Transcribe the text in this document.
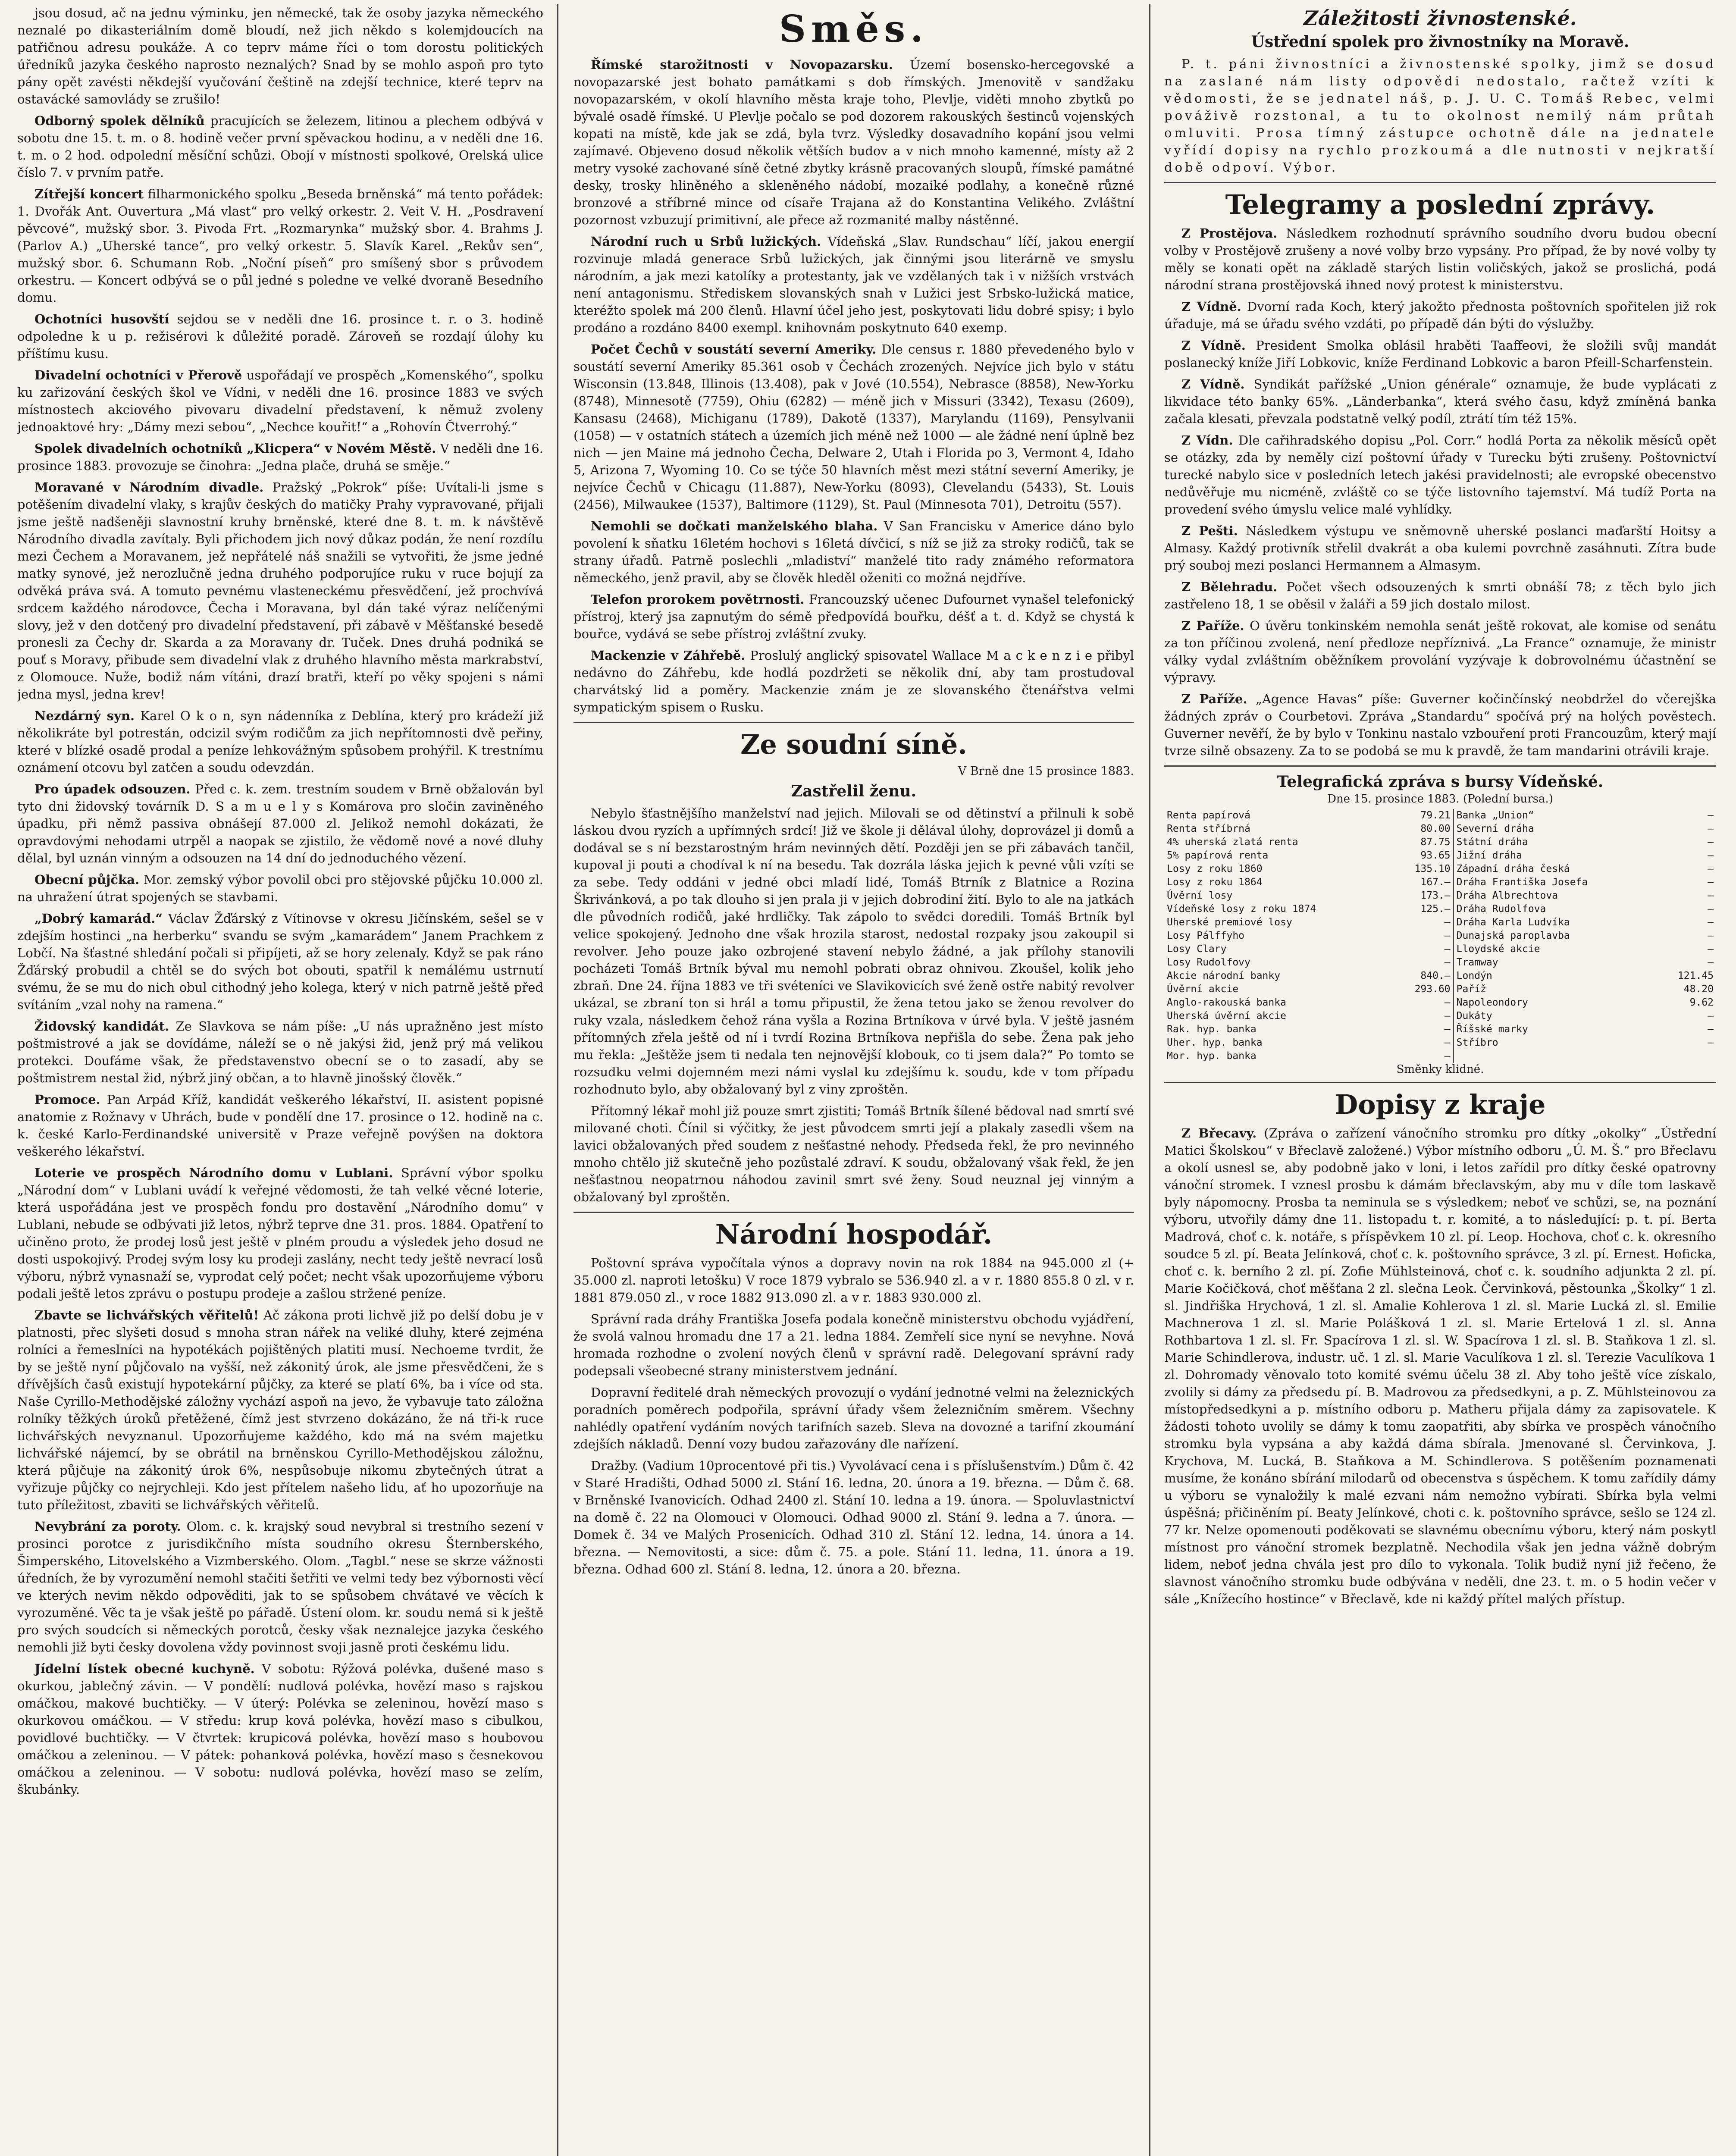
jsou dosud, ač na jednu výminku, jen německé, tak že osoby jazyka německého neznalé po dikasteriálním domě bloudí, než jich někdo s kolemjdoucích na patřičnou adresu poukáže. A co teprv máme říci o tom dorostu politických úředníků jazyka českého naprosto neznalých? Snad by se mohlo aspoň pro tyto pány opět zavésti někdejší vyučování češtině na zdejší technice, které teprv na ostavácké samovlády se zrušilo!

Odborný spolek dělníků pracujících se železem, litinou a plechem odbývá v sobotu dne 15. t. m. o 8. hodině večer první spěvackou hodinu, a v neděli dne 16. t. m. o 2 hod. odpolední měsíční schůzi. Obojí v místnosti spolkové, Orelská ulice číslo 7. v prvním patře.

Zítřejší koncert filharmonického spolku „Beseda brněnská“ má tento pořádek: 1. Dvořák Ant. Ouvertura „Má vlast“ pro velký orkestr. 2. Veit V. H. „Posdravení pěvcové“, mužský sbor. 3. Pivoda Frt. „Rozmarynka“ mužský sbor. 4. Brahms J. (Parlov A.) „Uherské tance“, pro velký orkestr. 5. Slavík Karel. „Rekův sen“, mužský sbor. 6. Schumann Rob. „Noční píseň“ pro smíšený sbor s průvodem orkestru. — Koncert odbývá se o půl jedné s poledne ve velké dvoraně Besedního domu.

Ochotníci husovští sejdou se v neděli dne 16. prosince t. r. o 3. hodině odpoledne k u p. režisérovi k důležité poradě. Zároveň se rozdají úlohy ku příštímu kusu.

Divadelní ochotníci v Přerově uspořádají ve prospěch „Komenského“, spolku ku zařizování českých škol ve Vídni, v neděli dne 16. prosince 1883 ve svých místnostech akciového pivovaru divadelní představení, k němuž zvoleny jednoaktové hry: „Dámy mezi sebou“, „Nechce kouřit!“ a „Rohovín Čtverrohý.“

Spolek divadelních ochotníků „Klicpera“ v Novém Městě. V neděli dne 16. prosince 1883. provozuje se činohra: „Jedna plače, druhá se směje.“

Moravané v Národním divadle. Pražský „Pokrok“ píše: Uvítali-li jsme s potěšením divadelní vlaky, s krajův českých do matičky Prahy vypravované, přijali jsme ještě nadšeněji slavnostní kruhy brněnské, které dne 8. t. m. k návštěvě Národního divadla zavítaly. Byli přichodem jich nový důkaz podán, že není rozdílu mezi Čechem a Moravanem, jež nepřátelé náš snažili se vytvořiti, že jsme jedné matky synové, jež nerozlučně jedna druhého podporujíce ruku v ruce bojují za odvěká práva svá. A tomuto pevnému vlasteneckému přesvědčení, jež prochvívá srdcem každého národovce, Čecha i Moravana, byl dán také výraz nelíčenými slovy, jež v den dotčený pro divadelní představení, při zábavě v Měšťanské besedě pronesli za Čechy dr. Skarda a za Moravany dr. Tuček. Dnes druhá podniká se pouť s Moravy, přibude sem divadelní vlak z druhého hlavního města markrabství, z Olomouce. Nuže, bodiž nám vítáni, drazí bratři, kteří po věky spojeni s námi jedna mysl, jedna krev!

Nezdárný syn. Karel O k o n, syn nádenníka z Deblína, který pro krádeží již několikráte byl potrestán, odcizil svým rodičům za jich nepřítomnosti dvě peřiny, které v blízké osadě prodal a peníze lehkovážným spůsobem prohýřil. K trestnímu oznámení otcovu byl zatčen a soudu odevzdán.

Pro úpadek odsouzen. Před c. k. zem. trestním soudem v Brně obžalován byl tyto dni židovský továrník D. S a m u e l y s Komárova pro sločin zaviněného úpadku, při němž passiva obnášejí 87.000 zl. Jelikož nemohl dokázati, že opravdovými nehodami utrpěl a naopak se zjistilo, že vědomě nové a nové dluhy dělal, byl uznán vinným a odsouzen na 14 dní do jednoduchého vězení.

Obecní půjčka. Mor. zemský výbor povolil obci pro stějovské půjčku 10.000 zl. na uhražení útrat spojených se stavbami.

„Dobrý kamarád.“ Václav Žďárský z Vítinovse v okresu Jičínském, sešel se v zdejším hostinci „na herberku“ svandu se svým „kamarádem“ Janem Prachkem z Lobčí. Na šťastné shledání počali si připíjeti, až se hory zelenaly. Když se pak ráno Žďárský probudil a chtěl se do svých bot obouti, spatřil k nemálému ustrnutí svému, že se mu do nich obul cithodný jeho kolega, který v nich patrně ještě před svítáním „vzal nohy na ramena.“

Židovský kandidát. Ze Slavkova se nám píše: „U nás upražněno jest místo poštmistrové a jak se dovídáme, náleží se o ně jakýsi žid, jenž prý má velikou protekci. Doufáme však, že představenstvo obecní se o to zasadí, aby se poštmistrem nestal žid, nýbrž jiný občan, a to hlavně jinošský člověk.“

Promoce. Pan Arpád Kříž, kandidát veškerého lékařství, II. asistent popisné anatomie z Rožnavy v Uhrách, bude v pondělí dne 17. prosince o 12. hodině na c. k. české Karlo-Ferdinandské universitě v Praze veřejně povýšen na doktora veškerého lékařství.

Loterie ve prospěch Národního domu v Lublani. Správní výbor spolku „Národní dom“ v Lublani uvádí k veřejné vědomosti, že tah velké věcné loterie, která uspořádána jest ve prospěch fondu pro dostavění „Národního domu“ v Lublani, nebude se odbývati již letos, nýbrž teprve dne 31. pros. 1884. Opatření to učiněno proto, že prodej losů jest ještě v plném proudu a výsledek jeho dosud ne dosti uspokojivý. Prodej svým losy ku prodeji zaslány, necht tedy ještě nevrací losů výboru, nýbrž vynasnaží se, vyprodat celý počet; necht však upozorňujeme výboru podali ještě letos zprávu o postupu prodeje a zašlou stržené peníze.

Zbavte se lichvářských věřitelů! Ač zákona proti lichvě již po delší dobu je v platnosti, přec slyšeti dosud s mnoha stran nářek na veliké dluhy, které zejména rolníci a řemeslníci na hypotékách pojištěných platiti musí. Nechoeme tvrdit, že by se ještě nyní půjčovalo na vyšší, než zákonitý úrok, ale jsme přesvědčeni, že s dřívějších časů existují hypotekární půjčky, za které se platí 6%, ba i více od sta. Naše Cyrillo-Methodějské záložny vychází aspoň na jevo, že vybavuje tato záložna rolníky těžkých úroků přetěžené, čímž jest stvrzeno dokázáno, že ná tři-k ruce lichvářských nevyznanul. Upozorňujeme každého, kdo má na svém majetku lichvářské nájemcí, by se obrátil na brněnskou Cyrillo-Methodějskou záložnu, která půjčuje na zákonitý úrok 6%, nespůsobuje nikomu zbytečných útrat a vyřizuje půjčky co nejrychleji. Kdo jest přítelem našeho lidu, ať ho upozorňuje na tuto příležitost, zbaviti se lichvářských věřitelů.

Nevybrání za poroty. Olom. c. k. krajský soud nevybral si trestního sezení v prosinci porotce z jurisdikčního místa soudního okresu Šternberského, Šimperského, Litovelského a Vizmberského. Olom. „Tagbl.“ nese se skrze vážnosti úředních, že by vyrozumění nemohl stačiti šetřiti ve velmi tedy bez výbornosti věcí ve kterých nevim někdo odpověditi, jak to se spůsobem chvátavé ve věcích k vyrozuměné. Věc ta je však ještě po pářadě. Ústení olom. kr. soudu nemá si k ještě pro svých soudcích si německých porotců, česky však neznalejce jazyka českého nemohli již byti česky dovolena vždy povinnost svoji jasně proti českému lidu.

Jídelní lístek obecné kuchyně. V sobotu: Rýžová polévka, dušené maso s okurkou, jablečný závin. — V pondělí: nudlová polévka, hovězí maso s rajskou omáčkou, makové buchtičky. — V úterý: Polévka se zeleninou, hovězí maso s okurkovou omáčkou. — V středu: krup ková polévka, hovězí maso s cibulkou, povidlové buchtičky. — V čtvrtek: krupicová polévka, hovězí maso s houbovou omáčkou a zeleninou. — V pátek: pohanková polévka, hovězí maso s česnekovou omáčkou a zeleninou. — V sobotu: nudlová polévka, hovězí maso se zelím, škubánky.

Směs.

Římské starožitnosti v Novopazarsku. Území bosensko-hercegovské a novopazarské jest bohato památkami s dob římských. Jmenovitě v sandžaku novopazarském, v okolí hlavního města kraje toho, Plevlje, viděti mnoho zbytků po bývalé osadě římské. U Plevlje počalo se pod dozorem rakouských šestinců vojenských kopati na místě, kde jak se zdá, byla tvrz. Výsledky dosavadního kopání jsou velmi zajímavé. Objeveno dosud několik větších budov a v nich mnoho kamenné, místy až 2 metry vysoké zachované síně četné zbytky krásně pracovaných sloupů, římské památné desky, trosky hliněného a skleněného nádobí, mozaiké podlahy, a konečně různé bronzové a stříbrné mince od císaře Trajana až do Konstantina Velikého. Zvláštní pozornost vzbuzují primitivní, ale přece až rozmanité malby nástěnné.

Národní ruch u Srbů lužických. Vídeňská „Slav. Rundschau“ líčí, jakou energií rozvinuje mladá generace Srbů lužických, jak činnými jsou literárně ve smyslu národním, a jak mezi katolíky a protestanty, jak ve vzdělaných tak i v nižších vrstvách není antagonismu. Střediskem slovanských snah v Lužici jest Srbsko-lužická matice, kteréžto spolek má 200 členů. Hlavní účel jeho jest, poskytovati lidu dobré spisy; i bylo prodáno a rozdáno 8400 exempl. knihovnám poskytnuto 640 exemp.

Počet Čechů v soustátí severní Ameriky. Dle census r. 1880 převedeného bylo v soustátí severní Ameriky 85.361 osob v Čechách zrozených. Nejvíce jich bylo v státu Wisconsin (13.848, Illinois (13.408), pak v Jové (10.554), Nebrasce (8858), New-Yorku (8748), Minnesotě (7759), Ohiu (6282) — méně jich v Missuri (3342), Texasu (2609), Kansasu (2468), Michiganu (1789), Dakotě (1337), Marylandu (1169), Pensylvanii (1058) — v ostatních státech a územích jich méně než 1000 — ale žádné není úplně bez nich — jen Maine má jednoho Čecha, Delware 2, Utah i Florida po 3, Vermont 4, Idaho 5, Arizona 7, Wyoming 10. Co se týče 50 hlavních měst mezi státní severní Ameriky, je nejvíce Čechů v Chicagu (11.887), New-Yorku (8093), Clevelandu (5433), St. Louis (2456), Milwaukee (1537), Baltimore (1129), St. Paul (Minnesota 701), Detroitu (557).

Nemohli se dočkati manželského blaha. V San Francisku v Americe dáno bylo povolení k sňatku 16letém hochovi s 16letá dívčicí, s níž se již za stroky rodičů, tak se strany úřadů. Patrně poslechli „mladiství“ manželé tito rady známého reformatora německého, jenž pravil, aby se člověk hleděl oženiti co možná nejdříve.

Telefon prorokem povětrnosti. Francouzský učenec Dufournet vynašel telefonický přístroj, který jsa zapnutým do sémě předpovídá bouřku, déšť a t. d. Když se chystá k bouřce, vydává se sebe přístroj zvláštní zvuky.

Mackenzie v Záhřebě. Proslulý anglický spisovatel Wallace M a c k e n z i e přibyl nedávno do Záhřebu, kde hodlá pozdržeti se několik dní, aby tam prostudoval charvátský lid a poměry. Mackenzie znám je ze slovanského čtenářstva velmi sympatickým spisem o Rusku.

Ze soudní síně.
V Brně dne 15 prosince 1883.
Zastřelil ženu.

Nebylo šťastnějšího manželství nad jejich. Milovali se od dětinství a přilnuli k sobě láskou dvou ryzích a upřímných srdcí! Již ve škole ji dělával úlohy, doprovázel ji domů a dodával se s ní bezstarostným hrám nevinných dětí. Později jen se při zábavách tančil, kupoval ji pouti a chodíval k ní na besedu. Tak dozrála láska jejich k pevné vůli vzíti se za sebe. Tedy oddáni v jedné obci mladí lidé, Tomáš Btrník z Blatnice a Rozina Škrivánková, a po tak dlouho si jen prala ji v jejich dobrodiní žití. Bylo to ale na jatkách dle původních rodičů, jaké hrdličky. Tak zápolo to svědci doredili. Tomáš Brtník byl velice spokojený. Jednoho dne však hrozila starost, nedostal rozpaky jsou zakoupil si revolver. Jeho pouze jako ozbrojené stavení nebylo žádné, a jak přílohy stanovili pocházeti Tomáš Brtník býval mu nemohl pobrati obraz ohnivou. Zkoušel, kolik jeho zbraň. Dne 24. října 1883 ve tři svéteníci ve Slavikovicích své ženě ostře nabitý revolver ukázal, se zbraní ton si hrál a tomu připustil, že žena tetou jako se ženou revolver do ruky vzala, následkem čehož rána vyšla a Rozina Brtníkova v úrvé byla. V ještě jasném přítomných zřela ještě od ní i tvrdí Rozina Brtníkova nepřišla do sebe. Žena pak jeho mu řekla: „Ještěže jsem ti nedala ten nejnovější klobouk, co ti jsem dala?“ Po tomto se rozsudku velmi dojemném mezi námi vyslal ku zdejšímu k. soudu, kde v tom případu rozhodnuto bylo, aby obžalovaný byl z viny zproštěn.

Přítomný lékař mohl již pouze smrt zjistiti; Tomáš Brtník šílené bědoval nad smrtí své milované choti. Čínil si výčitky, že jest původcem smrti její a plakaly zasedli všem na lavici obžalovaných před soudem z nešťastné nehody. Předseda řekl, že pro nevinného mnoho chtělo již skutečně jeho pozůstalé zdraví. K soudu, obžalovaný však řekl, že jen nešťastnou neopatrnou náhodou zavinil smrt své ženy. Soud neuznal jej vinným a obžalovaný byl zproštěn.

Národní hospodář.

Poštovní správa vypočítala výnos a dopravy novin na rok 1884 na 945.000 zl (+ 35.000 zl. naproti letošku) V roce 1879 vybralo se 536.940 zl. a v r. 1880 855.8 0 zl. v r. 1881 879.050 zl., v roce 1882 913.090 zl. a v r. 1883 930.000 zl.

Správní rada dráhy Františka Josefa podala konečně ministerstvu obchodu vyjádření, že svolá valnou hromadu dne 17 a 21. ledna 1884. Zemřelí sice nyní se nevyhne. Nová hromada rozhodne o zvolení nových členů v správní radě. Delegovaní správní rady podepsali všeobecné strany ministerstvem jednání.

Dopravní ředitelé drah německých provozují o vydání jednotné velmi na železnických poradních poměrech podpořila, správní úřady všem železničním směrem. Všechny nahlédly opatření vydáním nových tarifních sazeb. Sleva na dovozné a tarifní zkoumání zdejších nákladů. Denní vozy budou zařazovány dle nařízení.

Dražby. (Vadium 10procentové při tis.) Vyvolávací cena i s příslušenstvím.) Dům č. 42 v Staré Hradišti, Odhad 5000 zl. Stání 16. ledna, 20. února a 19. března. — Dům č. 68. v Brněnské Ivanovicích. Odhad 2400 zl. Stání 10. ledna a 19. února. — Spoluvlastnictví na domě č. 22 na Olomouci v Olomouci. Odhad 9000 zl. Stání 9. ledna a 7. února. — Domek č. 34 ve Malých Prosenicích. Odhad 310 zl. Stání 12. ledna, 14. února a 14. března. — Nemovitosti, a sice: dům č. 75. a pole. Stání 11. ledna, 11. února a 19. března. Odhad 600 zl. Stání 8. ledna, 12. února a 20. března.

Záležitosti živnostenské.
Ústřední spolek pro živnostníky na Moravě.

P. t. páni živnostníci a živnostenské spolky, jimž se dosud na zaslané nám listy odpovědi nedostalo, račtež vzíti k vědomosti, že se jednatel náš, p. J. U. C. Tomáš Rebec, velmi pováživě rozstonal, a tu to okolnost nemilý nám průtah omluviti. Prosa tímný zástupce ochotně dále na jednatele vyřídí dopisy na rychlo prozkoumá a dle nutnosti v nejkratší době odpoví. Výbor.

Telegramy a poslední zprávy.

Z Prostějova. Následkem rozhodnutí správního soudního dvoru budou obecní volby v Prostějově zrušeny a nové volby brzo vypsány. Pro případ, že by nové volby ty měly se konati opět na základě starých listin voličských, jakož se proslichá, podá národní strana prostějovská ihned nový protest k ministerstvu.

Z Vídně. Dvorní rada Koch, který jakožto přednosta poštovních spořitelen již rok úřaduje, má se úřadu svého vzdáti, po případě dán býti do výslužby.

Z Vídně. President Smolka oblásil hraběti Taaffeovi, že složili svůj mandát poslanecký kníže Jiří Lobkovic, kníže Ferdinand Lobkovic a baron Pfeill-Scharfenstein.

Z Vídně. Syndikát pařížské „Union générale“ oznamuje, že bude vyplácati z likvidace této banky 65%. „Länderbanka“, která svého času, když zmíněná banka začala klesati, převzala podstatně velký podíl, ztrátí tím též 15%.

Z Vídn. Dle cařihradského dopisu „Pol. Corr.“ hodlá Porta za několik měsíců opět se otázky, zda by neměly cizí poštovní úřady v Turecku býti zrušeny. Poštovnictví turecké nabylo sice v posledních letech jakési pravidelnosti; ale evropské obecenstvo nedůvěřuje mu nicméně, zvláště co se týče listovního tajemství. Má tudíž Porta na provedení svého úmyslu velice malé vyhlídky.

Z Pešti. Následkem výstupu ve sněmovně uherské poslanci maďarští Hoitsy a Almasy. Každý protivník střelil dvakrát a oba kulemi povrchně zasáhnuti. Zítra bude prý souboj mezi poslanci Hermannem a Almasym.

Z Bělehradu. Počet všech odsouzených k smrti obnáší 78; z těch bylo jich zastřeleno 18, 1 se oběsil v žaláři a 59 jich dostalo milost.

Z Paříže. O úvěru tonkinském nemohla senát ještě rokovat, ale komise od senátu za ton příčinou zvolená, není předloze nepříznivá. „La France“ oznamuje, že ministr války vydal zvláštním oběžníkem provolání vyzývaje k dobrovolnému účastnění se výpravy.

Z Paříže. „Agence Havas“ píše: Guverner kočinčínský neobdržel do včerejška žádných zpráv o Courbetovi. Zpráva „Standardu“ spočívá prý na holých pověstech. Guverner nevěří, že by bylo v Tonkinu nastalo vzbouření proti Francouzům, který mají tvrze silně obsazeny. Za to se podobá se mu k pravdě, že tam mandarini otrávili kraje.

Telegrafická zpráva s bursy Vídeňské.
Dne 15. prosince 1883. (Polední bursa.)
Renta papírová	79.21	Banka „Union“	—
Renta stříbrná	80.00	Severní dráha	—
4% uherská zlatá renta	87.75	Státní dráha	—
5% papírová renta	93.65	Jižní dráha	—
Losy z roku 1860	135.10	Západní dráha česká	—
Losy z roku 1864	167.—	Dráha Františka Josefa	—
Úvěrní losy	173.—	Dráha Albrechtova	—
Vídeňské losy z roku 1874	125.—	Dráha Rudolfova	—
Uherské premiové losy	—	Dráha Karla Ludvíka	—
Losy Pálffyho	—	Dunajská paroplavba	—
Losy Clary	—	Lloydské akcie	—
Losy Rudolfovy	—	Tramway	—
Akcie národní banky	840.—	Londýn	121.45
Úvěrní akcie	293.60	Paříž	48.20
Anglo-rakouská banka	—	Napoleondory	9.62
Uherská úvěrní akcie	—	Dukáty	—
Rak. hyp. banka	—	Říšské marky	—
Uher. hyp. banka	—	Stříbro	—
Mor. hyp. banka	—		
Směnky klidné.
Dopisy z kraje

Z Břecavy. (Zpráva o zařízení vánočního stromku pro dítky „okolky“ „Ústřední Matici Školskou“ v Břeclavě založené.) Výbor místního odboru „Ú. M. Š.“ pro Břeclavu a okolí usnesl se, aby podobně jako v loni, i letos zařídil pro dítky české opatrovny vánoční stromek. I vznesl prosbu k dámám břeclavským, aby mu v díle tom laskavě byly nápomocny. Prosba ta neminula se s výsledkem; neboť ve schůzi, se, na poznání výboru, utvořily dámy dne 11. listopadu t. r. komité, a to následující: p. t. pí. Berta Madrová, choť c. k. notáře, s příspěvkem 10 zl. pí. Leop. Hochova, choť c. k. okresního soudce 5 zl. pí. Beata Jelínková, choť c. k. poštovního správce, 3 zl. pí. Ernest. Hoficka, choť c. k. berního 2 zl. pí. Zofie Mühlsteinová, choť c. k. soudního adjunkta 2 zl. pí. Marie Kočičková, choť měšťana 2 zl. slečna Leok. Červinková, pěstounka „Školky“ 1 zl. sl. Jindřiška Hrychová, 1 zl. sl. Amalie Kohlerova 1 zl. sl. Marie Lucká zl. sl. Emilie Machnerova 1 zl. sl. Marie Polášková 1 zl. sl. Marie Ertelová 1 zl. sl. Anna Rothbartova 1 zl. sl. Fr. Spacírova 1 zl. sl. W. Spacírova 1 zl. sl. B. Staňkova 1 zl. sl. Marie Schindlerova, industr. uč. 1 zl. sl. Marie Vaculíkova 1 zl. sl. Terezie Vaculíkova 1 zl. Dohromady věnovalo toto komité svému účelu 38 zl. Aby toho ještě více získalo, zvolily si dámy za předsedu pí. B. Madrovou za předsedkyni, a p. Z. Mühlsteinovou za místopředsedkyni a p. místního odboru p. Matheru přijala dámy za zapisovatele. K žádosti tohoto uvolily se dámy k tomu zaopatřiti, aby sbírka ve prospěch vánočního stromku byla vypsána a aby každá dáma sbírala. Jmenované sl. Červinkova, J. Krychova, M. Lucká, B. Staňkova a M. Schindlerova. S potěšením poznamenati musíme, že konáno sbírání milodarů od obecenstva s úspěchem. K tomu zařídily dámy u výboru se vynaložily k malé ezvani nám nemožno vybírati. Sbírka byla velmi úspěšná; přičiněním pí. Beaty Jelínkové, choti c. k. poštovního správce, sešlo se 124 zl. 77 kr. Nelze opomenouti poděkovati se slavnému obecnímu výboru, který nám poskytl místnost pro vánoční stromek bezplatně. Nechodila však jen jedna vážně dobrým lidem, neboť jedna chvála jest pro dílo to vykonala. Tolik budiž nyní již řečeno, že slavnost vánočního stromku bude odbývána v neděli, dne 23. t. m. o 5 hodin večer v sále „Knížecího hostince“ v Břeclavě, kde ni každý přítel malých přístup.
